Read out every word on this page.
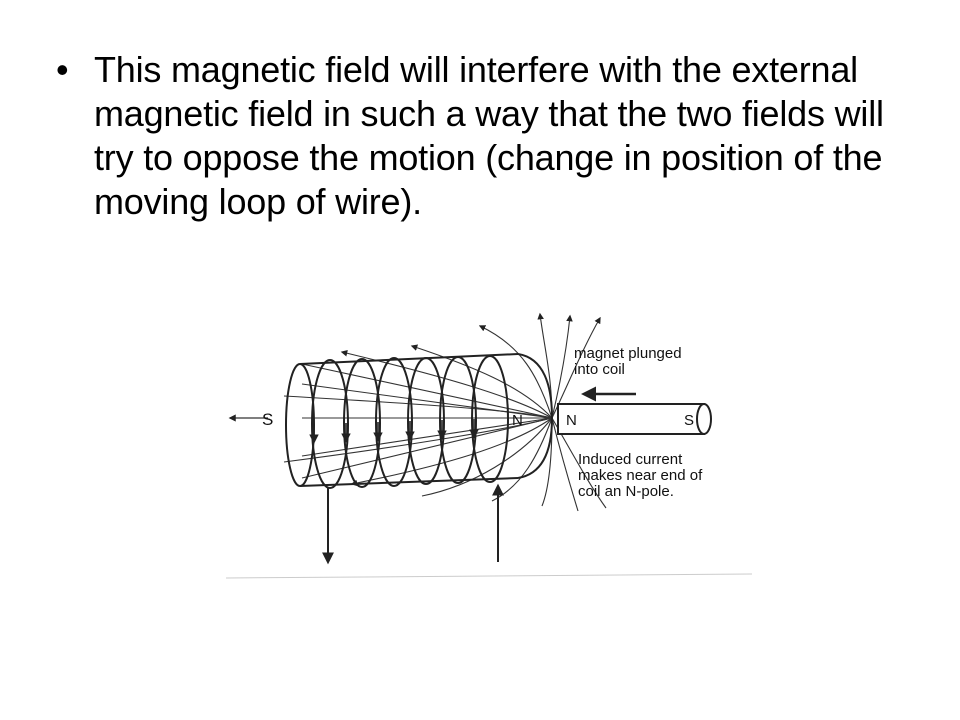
• This magnetic field will interfere with the external magnetic field in such a way that the two fields will try to oppose the motion (change in position of the moving loop of wire).
S	N	N	S
magnet plunged
into coil
Induced current
makes near end of
coil an N-pole.
